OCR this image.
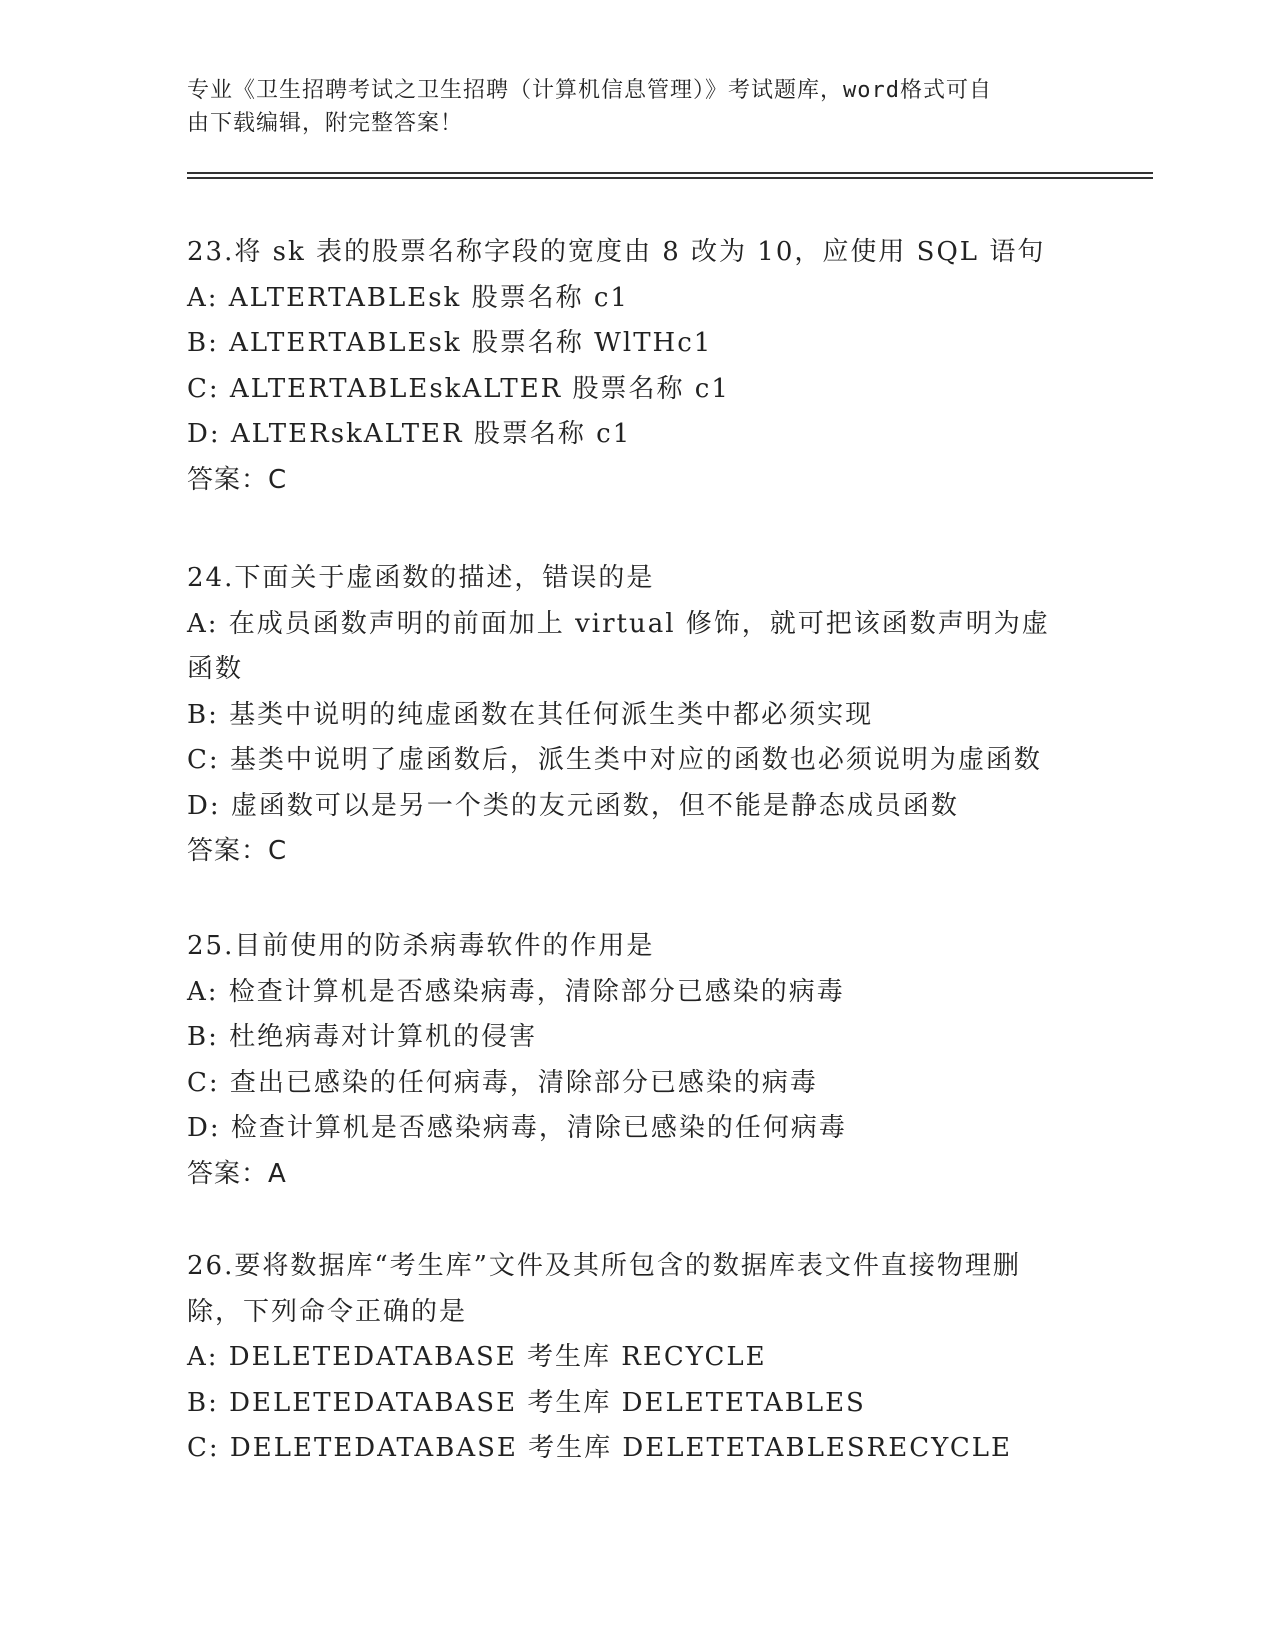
专业《卫生招聘考试之卫生招聘（计算机信息管理）》考试题库，word格式可自
由下载编辑，附完整答案！
23.将 sk 表的股票名称字段的宽度由 8 改为 10，应使用 SQL 语句
A: ALTERTABLEsk 股票名称 c1
B: ALTERTABLEsk 股票名称 WlTHc1
C: ALTERTABLEskALTER 股票名称 c1
D: ALTERskALTER 股票名称 c1
答案：C
24.下面关于虚函数的描述，错误的是
A: 在成员函数声明的前面加上 virtual 修饰，就可把该函数声明为虚
函数
B: 基类中说明的纯虚函数在其任何派生类中都必须实现
C: 基类中说明了虚函数后，派生类中对应的函数也必须说明为虚函数
D: 虚函数可以是另一个类的友元函数，但不能是静态成员函数
答案：C
25.目前使用的防杀病毒软件的作用是
A: 检查计算机是否感染病毒，清除部分已感染的病毒
B: 杜绝病毒对计算机的侵害
C: 查出已感染的任何病毒，清除部分已感染的病毒
D: 检查计算机是否感染病毒，清除已感染的任何病毒
答案：A
26.要将数据库“考生库”文件及其所包含的数据库表文件直接物理删
除，下列命令正确的是
A: DELETEDATABASE 考生库 RECYCLE
B: DELETEDATABASE 考生库 DELETETABLES
C: DELETEDATABASE 考生库 DELETETABLESRECYCLE
